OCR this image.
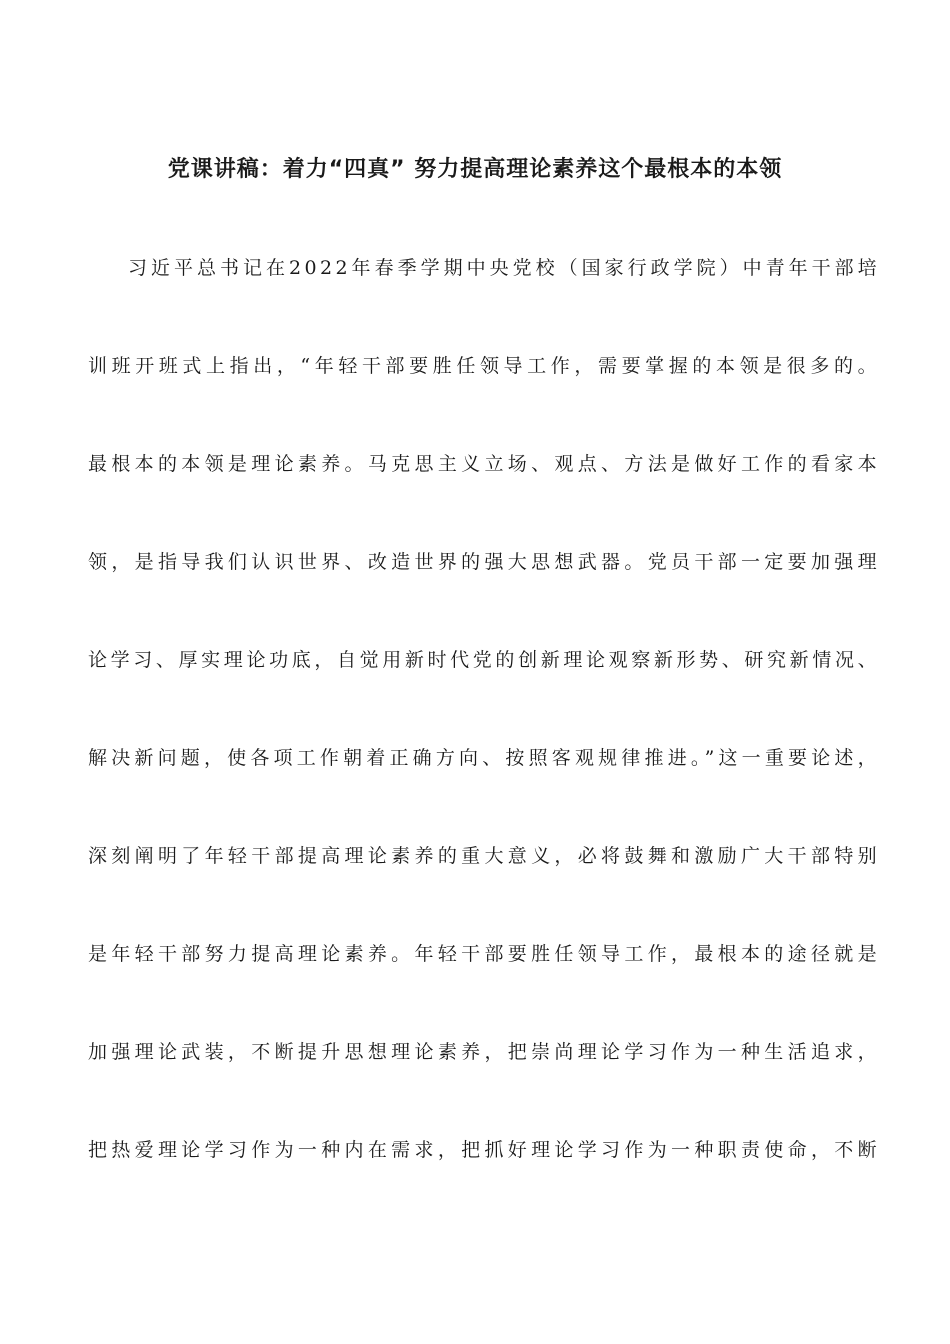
党课讲稿：着力“四真” 努力提高理论素养这个最根本的本领

习近平总书记在2022年春季学期中央党校（国家行政学院）中青年干部培

训班开班式上指出，“年轻干部要胜任领导工作，需要掌握的本领是很多的。

最根本的本领是理论素养。马克思主义立场、观点、方法是做好工作的看家本

领，是指导我们认识世界、改造世界的强大思想武器。党员干部一定要加强理

论学习、厚实理论功底，自觉用新时代党的创新理论观察新形势、研究新情况、

解决新问题，使各项工作朝着正确方向、按照客观规律推进。”这一重要论述，

深刻阐明了年轻干部提高理论素养的重大意义，必将鼓舞和激励广大干部特别

是年轻干部努力提高理论素养。年轻干部要胜任领导工作，最根本的途径就是

加强理论武装，不断提升思想理论素养，把崇尚理论学习作为一种生活追求，

把热爱理论学习作为一种内在需求，把抓好理论学习作为一种职责使命，不断
